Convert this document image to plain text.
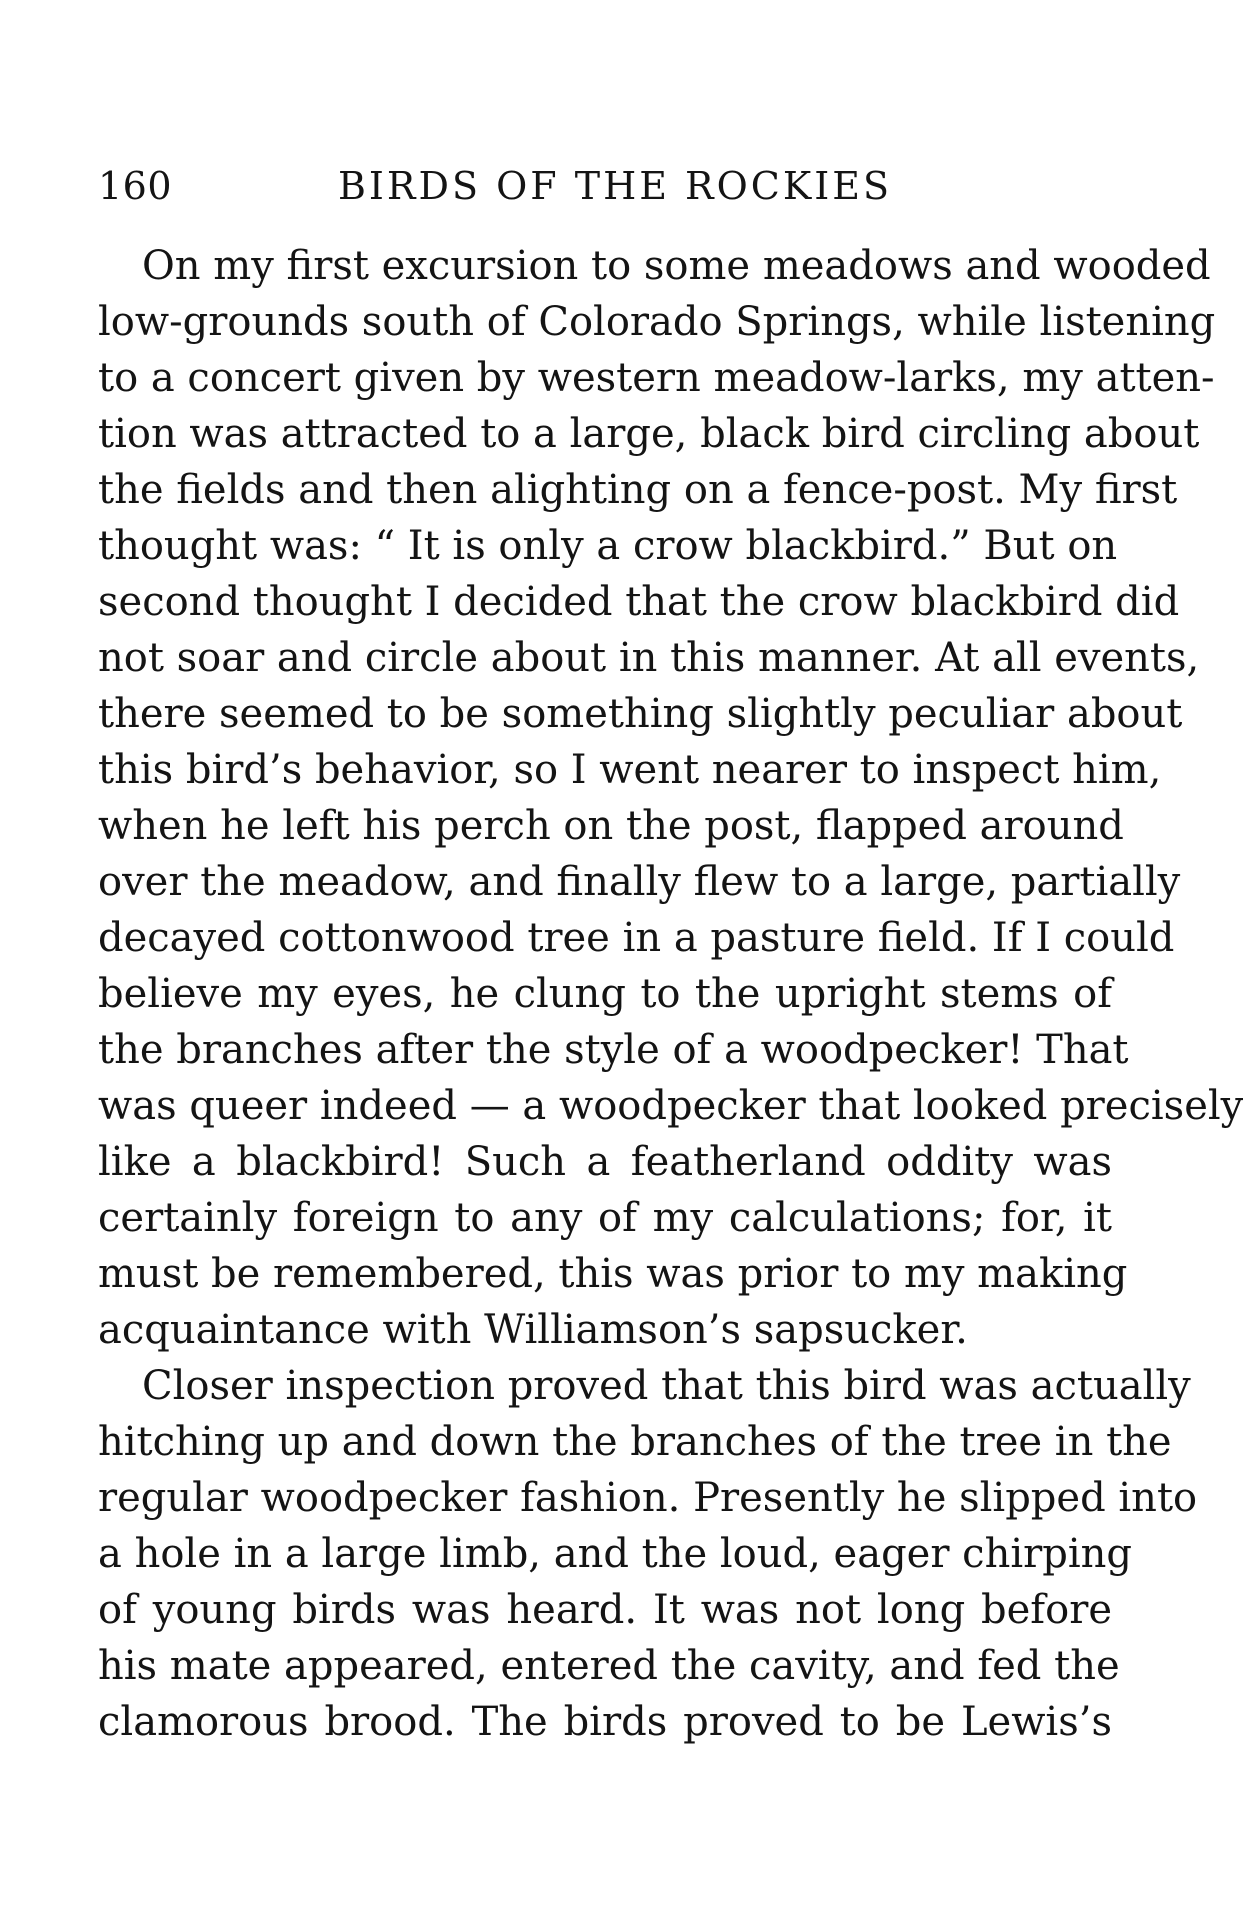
160	BIRDS OF THE ROCKIES
On my first excursion to some meadows and wooded
low-grounds south of Colorado Springs, while listening
to a concert given by western meadow-larks, my atten-
tion was attracted to a large, black bird circling about
the fields and then alighting on a fence-post. My first
thought was: “ It is only a crow blackbird.” But on
second thought I decided that the crow blackbird did
not soar and circle about in this manner. At all events,
there seemed to be something slightly peculiar about
this bird’s behavior, so I went nearer to inspect him,
when he left his perch on the post, flapped around
over the meadow, and finally flew to a large, partially
decayed cottonwood tree in a pasture field. If I could
believe my eyes, he clung to the upright stems of
the branches after the style of a woodpecker! That
was queer indeed — a woodpecker that looked precisely
like a blackbird! Such a featherland oddity was
certainly foreign to any of my calculations; for, it
must be remembered, this was prior to my making
acquaintance with Williamson’s sapsucker.
Closer inspection proved that this bird was actually
hitching up and down the branches of the tree in the
regular woodpecker fashion. Presently he slipped into
a hole in a large limb, and the loud, eager chirping
of young birds was heard. It was not long before
his mate appeared, entered the cavity, and fed the
clamorous brood. The birds proved to be Lewis’s
